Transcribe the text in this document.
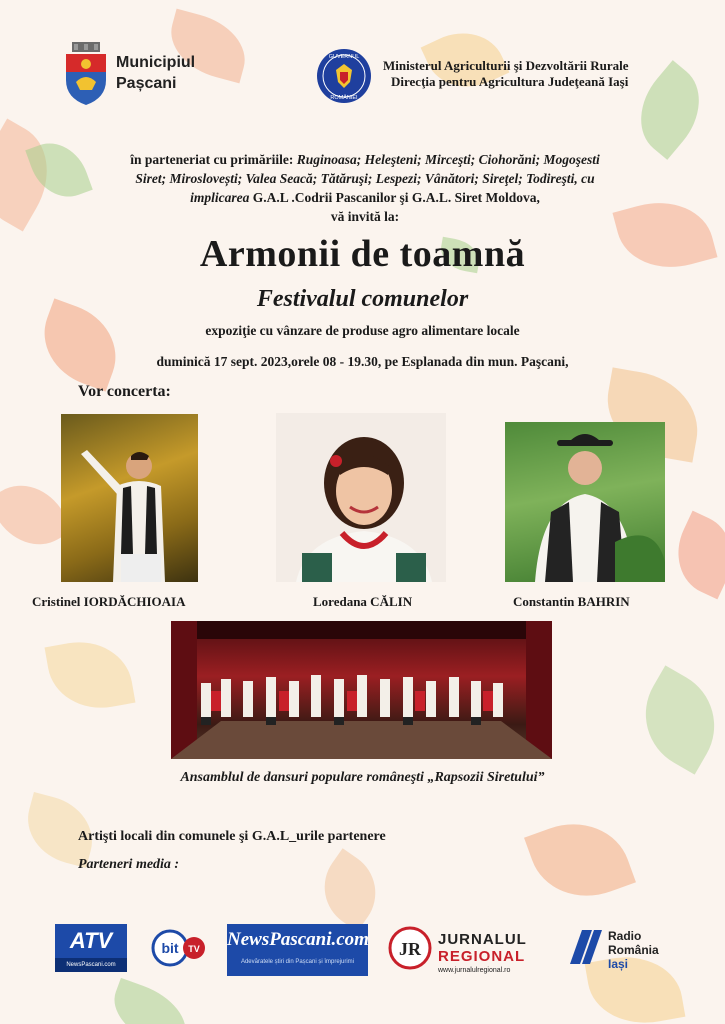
Municipiul
Pașcani
GUVERNUL
ROMÂNIEI
Ministerul Agriculturii şi Dezvoltării Rurale
Direcţia pentru Agricultura Judeţeană Iaşi
în parteneriat cu primăriile: Ruginoasa; Heleşteni; Mirceşti; Ciohorăni; Mogoşesti
Siret; Miroslovești; Valea Seacă; Tătăruşi; Lespezi; Vânători; Sireţel; Todireşti, cu
implicarea G.A.L .Codrii Pascanilor şi G.A.L. Siret Moldova,
vă invită la:
Armonii de toamnă
Festivalul comunelor
expoziţie cu vânzare de produse agro alimentare locale
duminică 17 sept. 2023,orele 08 - 19.30, pe Esplanada din mun. Paşcani,
Vor concerta:
Cristinel IORDĂCHIOAIA	Loredana CĂLIN	Constantin BAHRIN
Ansamblul de dansuri populare româneşti „Rapsozii Siretului”
Artişti locali din comunele şi G.A.L_urile partenere
Parteneri media :
ATV
NewsPascani.com
bit TV NewsPascani.com
Adevăratele știri din Pașcani și împrejurimi
JR JURNALUL
REGIONAL
www.jurnalulregional.ro
Radio
România
Iași
